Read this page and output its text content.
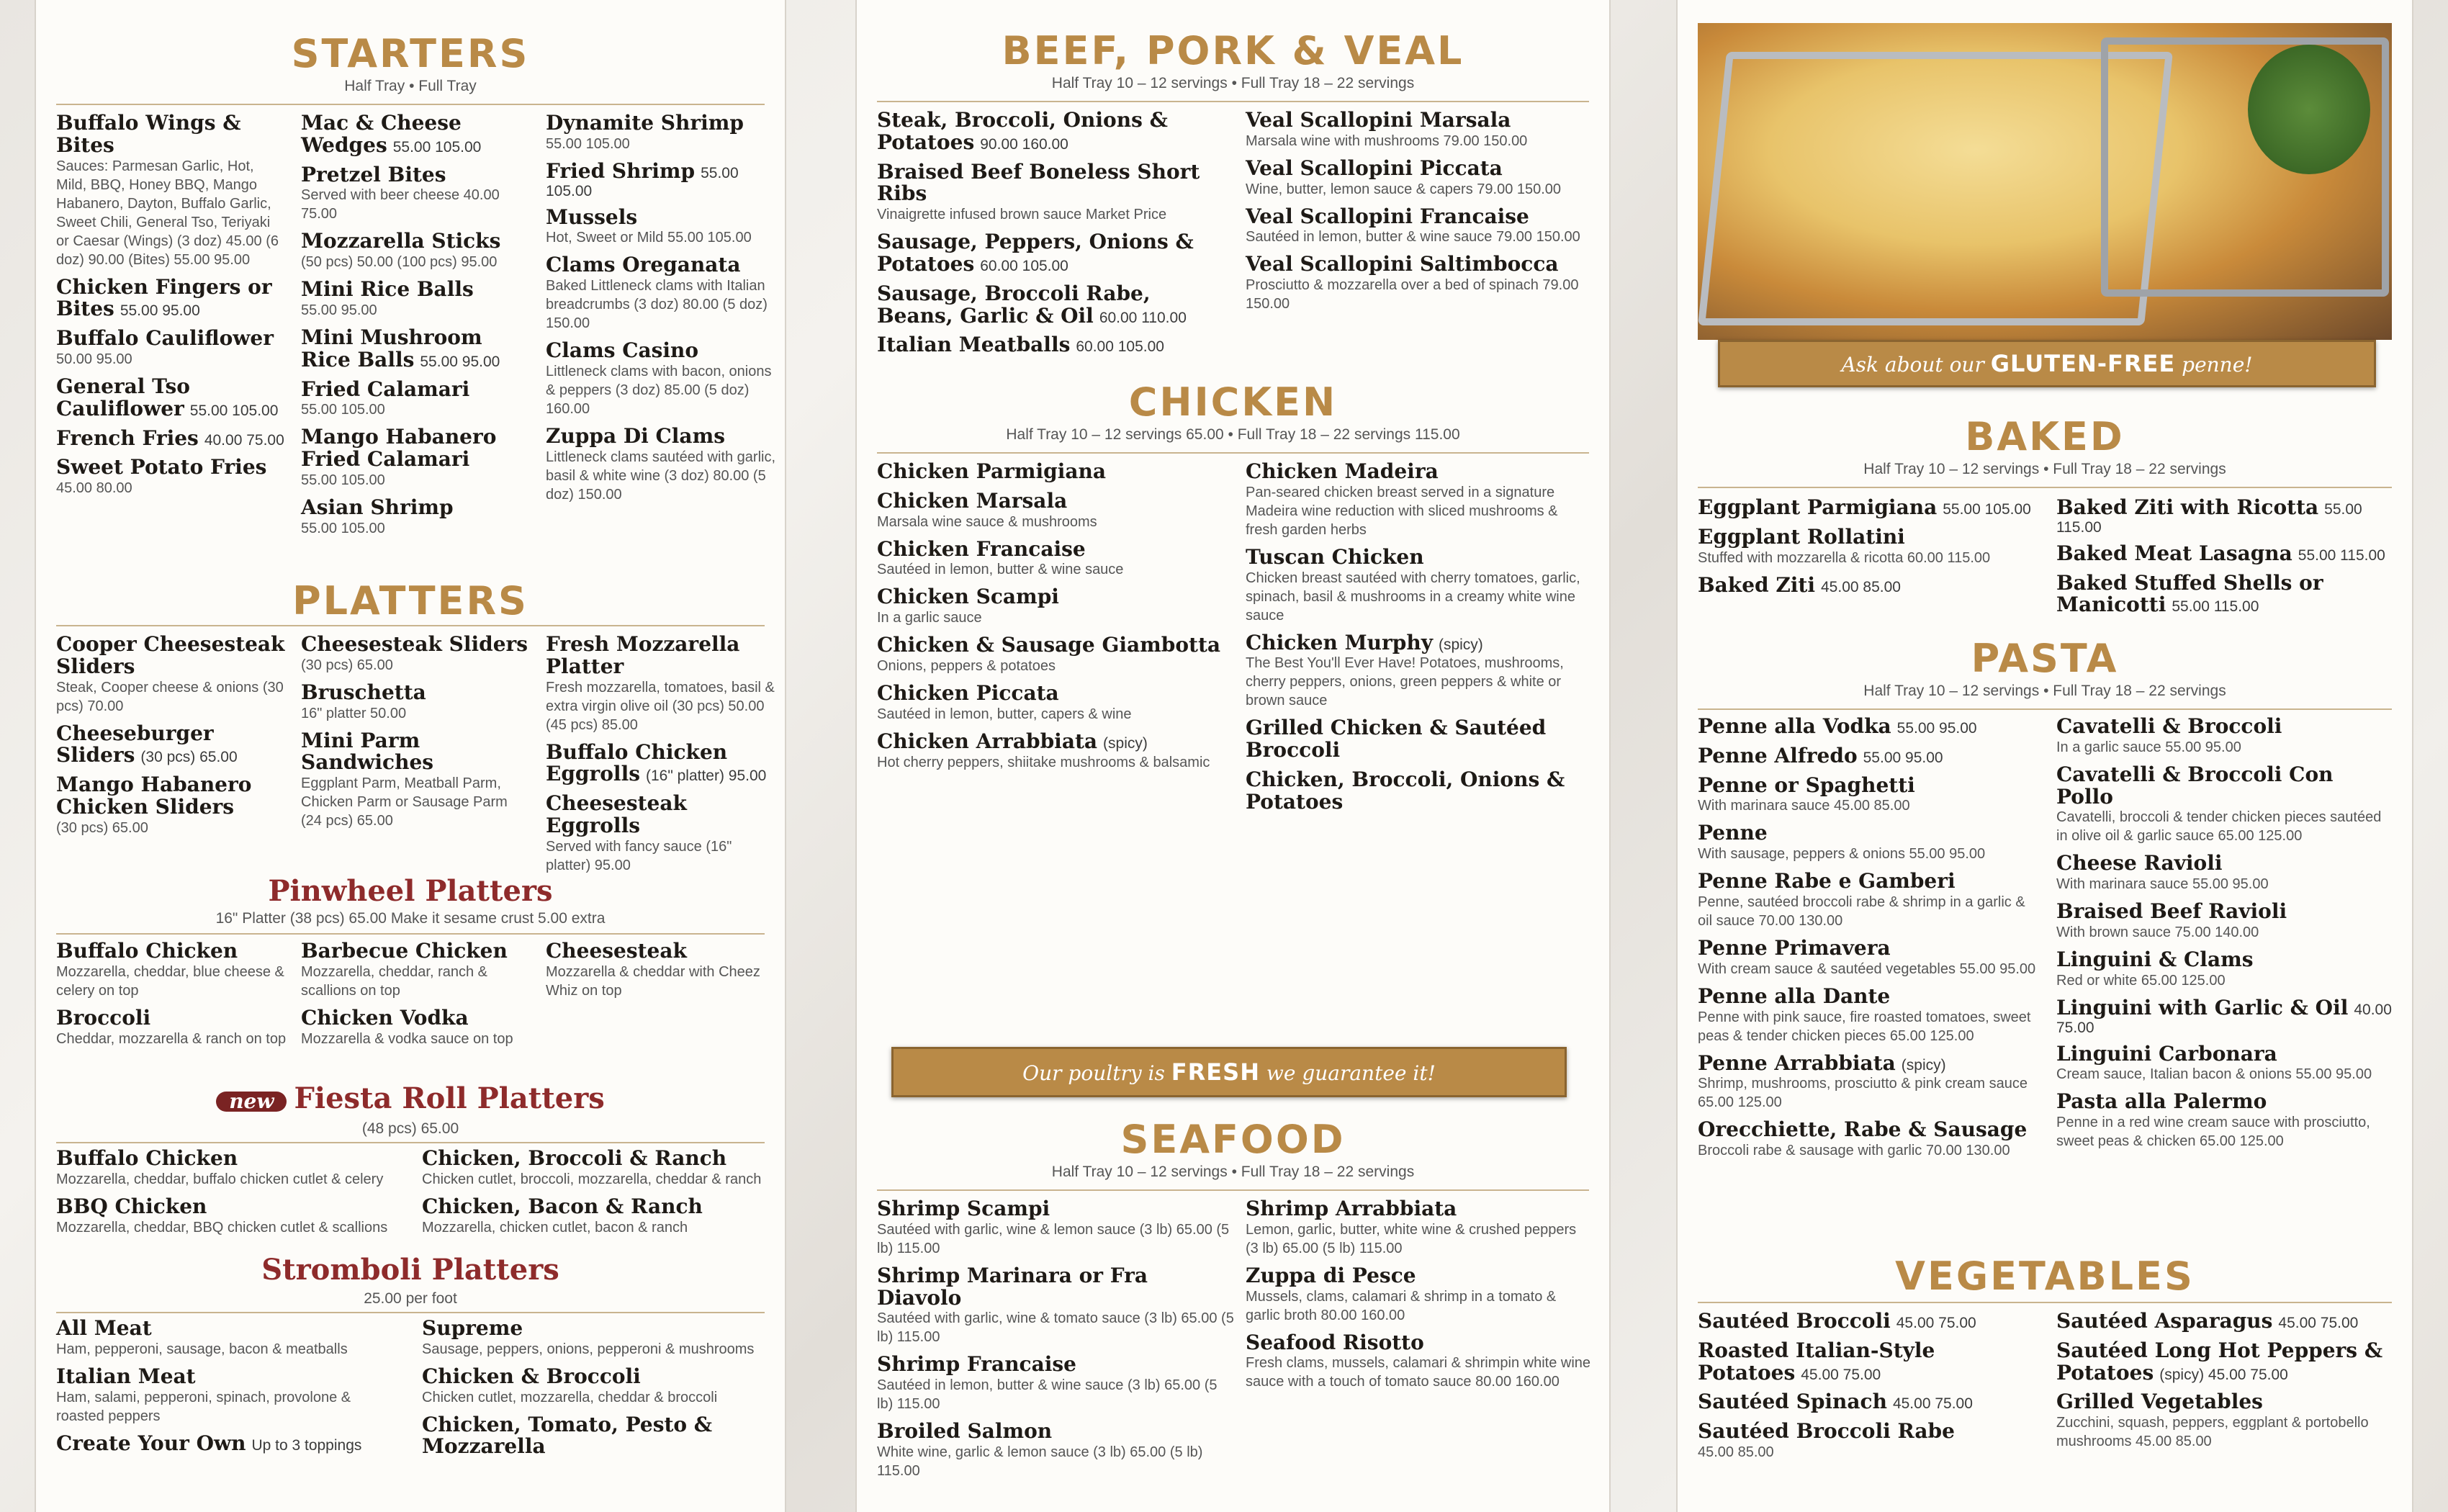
STARTERS
Half Tray • Full Tray
Buffalo Wings & Bites
Sauces: Parmesan Garlic, Hot, Mild, BBQ, Honey BBQ, Mango Habanero, Dayton, Buffalo Garlic, Sweet Chili, General Tso, Teriyaki or Caesar (Wings) (3 doz) 45.00 (6 doz) 90.00 (Bites) 55.00 95.00
Chicken Fingers or Bites 55.00 95.00
Buffalo Cauliflower
50.00 95.00
General Tso Cauliflower 55.00 105.00
French Fries 40.00 75.00
Sweet Potato Fries
45.00 80.00
Mac & Cheese Wedges 55.00 105.00
Pretzel Bites
Served with beer cheese 40.00 75.00
Mozzarella Sticks
(50 pcs) 50.00 (100 pcs) 95.00
Mini Rice Balls
55.00 95.00
Mini Mushroom Rice Balls 55.00 95.00
Fried Calamari
55.00 105.00
Mango Habanero Fried Calamari
55.00 105.00
Asian Shrimp
55.00 105.00
Dynamite Shrimp
55.00 105.00
Fried Shrimp 55.00 105.00
Mussels
Hot, Sweet or Mild 55.00 105.00
Clams Oreganata
Baked Littleneck clams with Italian breadcrumbs (3 doz) 80.00 (5 doz) 150.00
Clams Casino
Littleneck clams with bacon, onions & peppers (3 doz) 85.00 (5 doz) 160.00
Zuppa Di Clams
Littleneck clams sautéed with garlic, basil & white wine (3 doz) 80.00 (5 doz) 150.00
PLATTERS
Cooper Cheesesteak Sliders
Steak, Cooper cheese & onions (30 pcs) 70.00
Cheeseburger Sliders (30 pcs) 65.00
Mango Habanero Chicken Sliders
(30 pcs) 65.00
Cheesesteak Sliders
(30 pcs) 65.00
Bruschetta
16" platter 50.00
Mini Parm Sandwiches
Eggplant Parm, Meatball Parm, Chicken Parm or Sausage Parm (24 pcs) 65.00
Fresh Mozzarella Platter
Fresh mozzarella, tomatoes, basil & extra virgin olive oil (30 pcs) 50.00 (45 pcs) 85.00
Buffalo Chicken Eggrolls (16" platter) 95.00
Cheesesteak Eggrolls
Served with fancy sauce (16" platter) 95.00
Pinwheel Platters
16" Platter (38 pcs) 65.00 Make it sesame crust 5.00 extra
Buffalo Chicken
Mozzarella, cheddar, blue cheese & celery on top
Broccoli
Cheddar, mozzarella & ranch on top
Barbecue Chicken
Mozzarella, cheddar, ranch & scallions on top
Chicken Vodka
Mozzarella & vodka sauce on top
Cheesesteak
Mozzarella & cheddar with Cheez Whiz on top
new Fiesta Roll Platters
(48 pcs) 65.00
Buffalo Chicken
Mozzarella, cheddar, buffalo chicken cutlet & celery
BBQ Chicken
Mozzarella, cheddar, BBQ chicken cutlet & scallions
Chicken, Broccoli & Ranch
Chicken cutlet, broccoli, mozzarella, cheddar & ranch
Chicken, Bacon & Ranch
Mozzarella, chicken cutlet, bacon & ranch
Stromboli Platters
25.00 per foot
All Meat
Ham, pepperoni, sausage, bacon & meatballs
Italian Meat
Ham, salami, pepperoni, spinach, provolone & roasted peppers
Create Your Own Up to 3 toppings
Supreme
Sausage, peppers, onions, pepperoni & mushrooms
Chicken & Broccoli
Chicken cutlet, mozzarella, cheddar & broccoli
Chicken, Tomato, Pesto & Mozzarella
BEEF, PORK & VEAL
Half Tray 10 – 12 servings • Full Tray 18 – 22 servings
Steak, Broccoli, Onions & Potatoes 90.00 160.00
Braised Beef Boneless Short Ribs
Vinaigrette infused brown sauce Market Price
Sausage, Peppers, Onions & Potatoes 60.00 105.00
Sausage, Broccoli Rabe, Beans, Garlic & Oil 60.00 110.00
Italian Meatballs 60.00 105.00
Veal Scallopini Marsala
Marsala wine with mushrooms 79.00 150.00
Veal Scallopini Piccata
Wine, butter, lemon sauce & capers 79.00 150.00
Veal Scallopini Francaise
Sautéed in lemon, butter & wine sauce 79.00 150.00
Veal Scallopini Saltimbocca
Prosciutto & mozzarella over a bed of spinach 79.00 150.00
CHICKEN
Half Tray 10 – 12 servings 65.00 • Full Tray 18 – 22 servings 115.00
Chicken Parmigiana
Chicken Marsala
Marsala wine sauce & mushrooms
Chicken Francaise
Sautéed in lemon, butter & wine sauce
Chicken Scampi
In a garlic sauce
Chicken & Sausage Giambotta
Onions, peppers & potatoes
Chicken Piccata
Sautéed in lemon, butter, capers & wine
Chicken Arrabbiata (spicy)
Hot cherry peppers, shiitake mushrooms & balsamic
Chicken Madeira
Pan-seared chicken breast served in a signature Madeira wine reduction with sliced mushrooms & fresh garden herbs
Tuscan Chicken
Chicken breast sautéed with cherry tomatoes, garlic, spinach, basil & mushrooms in a creamy white wine sauce
Chicken Murphy (spicy)
The Best You'll Ever Have! Potatoes, mushrooms, cherry peppers, onions, green peppers & white or brown sauce
Grilled Chicken & Sautéed Broccoli
Chicken, Broccoli, Onions & Potatoes
Our poultry is FRESH we guarantee it!
SEAFOOD
Half Tray 10 – 12 servings • Full Tray 18 – 22 servings
Shrimp Scampi
Sautéed with garlic, wine & lemon sauce (3 lb) 65.00 (5 lb) 115.00
Shrimp Marinara or Fra Diavolo
Sautéed with garlic, wine & tomato sauce (3 lb) 65.00 (5 lb) 115.00
Shrimp Francaise
Sautéed in lemon, butter & wine sauce (3 lb) 65.00 (5 lb) 115.00
Broiled Salmon
White wine, garlic & lemon sauce (3 lb) 65.00 (5 lb) 115.00
Shrimp Arrabbiata
Lemon, garlic, butter, white wine & crushed peppers (3 lb) 65.00 (5 lb) 115.00
Zuppa di Pesce
Mussels, clams, calamari & shrimp in a tomato & garlic broth 80.00 160.00
Seafood Risotto
Fresh clams, mussels, calamari & shrimpin white wine sauce with a touch of tomato sauce 80.00 160.00
Ask about our GLUTEN-FREE penne!
BAKED
Half Tray 10 – 12 servings • Full Tray 18 – 22 servings
Eggplant Parmigiana 55.00 105.00
Eggplant Rollatini
Stuffed with mozzarella & ricotta 60.00 115.00
Baked Ziti 45.00 85.00
Baked Ziti with Ricotta 55.00 115.00
Baked Meat Lasagna 55.00 115.00
Baked Stuffed Shells or Manicotti 55.00 115.00
PASTA
Half Tray 10 – 12 servings • Full Tray 18 – 22 servings
Penne alla Vodka 55.00 95.00
Penne Alfredo 55.00 95.00
Penne or Spaghetti
With marinara sauce 45.00 85.00
Penne
With sausage, peppers & onions 55.00 95.00
Penne Rabe e Gamberi
Penne, sautéed broccoli rabe & shrimp in a garlic & oil sauce 70.00 130.00
Penne Primavera
With cream sauce & sautéed vegetables 55.00 95.00
Penne alla Dante
Penne with pink sauce, fire roasted tomatoes, sweet peas & tender chicken pieces 65.00 125.00
Penne Arrabbiata (spicy)
Shrimp, mushrooms, prosciutto & pink cream sauce 65.00 125.00
Orecchiette, Rabe & Sausage
Broccoli rabe & sausage with garlic 70.00 130.00
Cavatelli & Broccoli
In a garlic sauce 55.00 95.00
Cavatelli & Broccoli Con Pollo
Cavatelli, broccoli & tender chicken pieces sautéed in olive oil & garlic sauce 65.00 125.00
Cheese Ravioli
With marinara sauce 55.00 95.00
Braised Beef Ravioli
With brown sauce 75.00 140.00
Linguini & Clams
Red or white 65.00 125.00
Linguini with Garlic & Oil 40.00 75.00
Linguini Carbonara
Cream sauce, Italian bacon & onions 55.00 95.00
Pasta alla Palermo
Penne in a red wine cream sauce with prosciutto, sweet peas & chicken 65.00 125.00
VEGETABLES
Sautéed Broccoli 45.00 75.00
Roasted Italian-Style Potatoes 45.00 75.00
Sautéed Spinach 45.00 75.00
Sautéed Broccoli Rabe
45.00 85.00
Sautéed Asparagus 45.00 75.00
Sautéed Long Hot Peppers & Potatoes (spicy) 45.00 75.00
Grilled Vegetables
Zucchini, squash, peppers, eggplant & portobello mushrooms 45.00 85.00
